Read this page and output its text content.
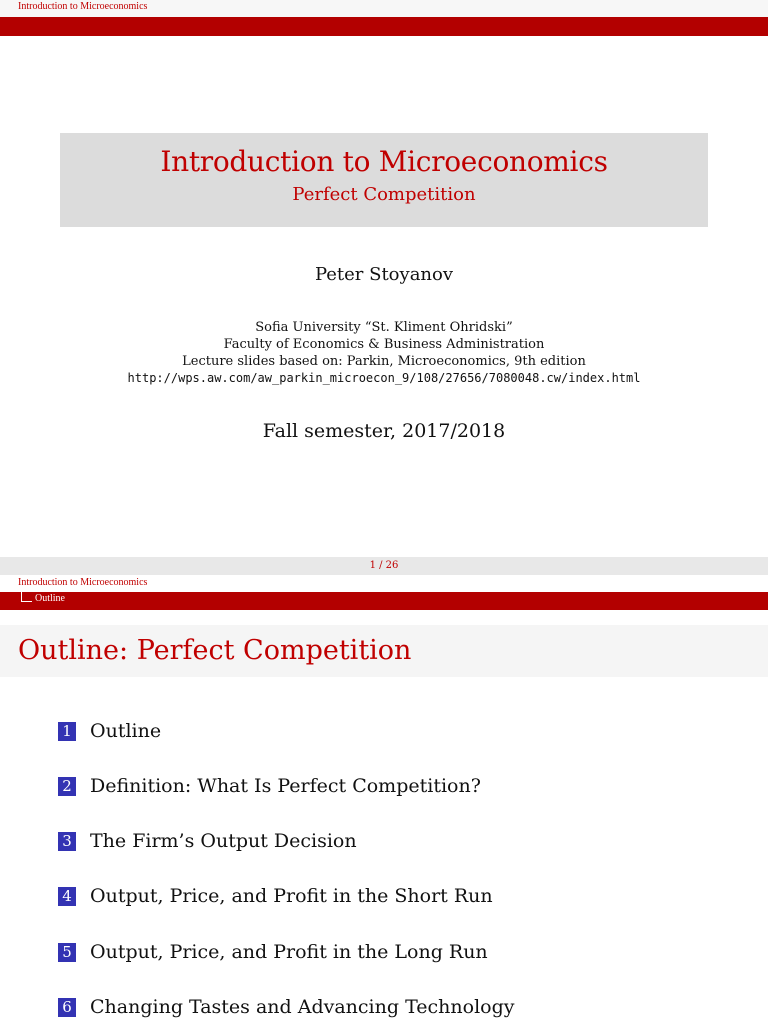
Introduction to Microeconomics
Introduction to Microeconomics
Perfect Competition
Peter Stoyanov
Sofia University “St. Kliment Ohridski”
Faculty of Economics & Business Administration
Lecture slides based on: Parkin, Microeconomics, 9th edition
http://wps.aw.com/aw_parkin_microecon_9/108/27656/7080048.cw/index.html
Fall semester, 2017/2018
1 / 26
Introduction to Microeconomics
Outline
Outline: Perfect Competition
1 Outline
2 Definition: What Is Perfect Competition?
3 The Firm’s Output Decision
4 Output, Price, and Profit in the Short Run
5 Output, Price, and Profit in the Long Run
6 Changing Tastes and Advancing Technology
